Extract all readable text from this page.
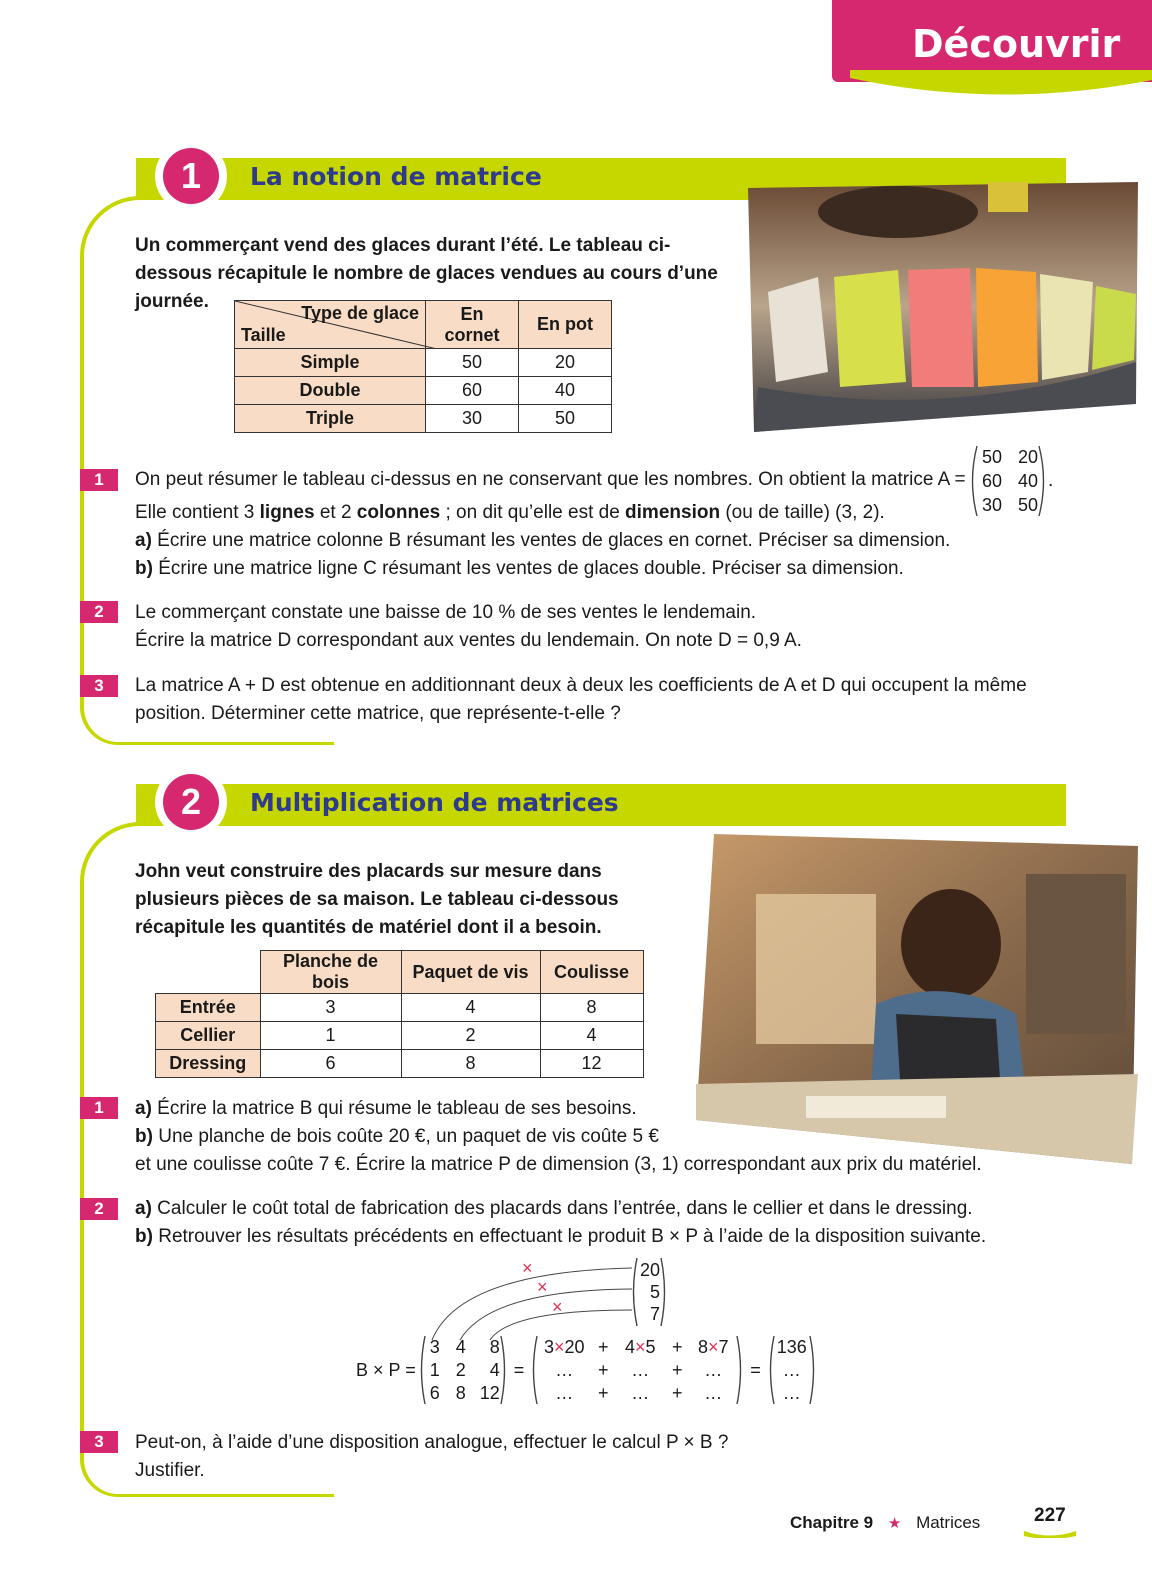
Découvrir
1	La notion de matrice
Un commerçant vend des glaces durant l’été. Le tableau ci-dessous récapitule le nombre de glaces vendues au cours d’une journée.
Type de glace
Taille	En cornet	En pot
Simple	50	20
Double	60	40
Triple	30	50
1	On peut résumer le tableau ci-dessus en ne conservant que les nombres. On obtient la matrice A =
50 20
60 40
30 50
.
Elle contient 3 lignes et 2 colonnes ; on dit qu’elle est de dimension (ou de taille) (3, 2).
a) Écrire une matrice colonne B résumant les ventes de glaces en cornet. Préciser sa dimension.
b) Écrire une matrice ligne C résumant les ventes de glaces double. Préciser sa dimension.
2	Le commerçant constate une baisse de 10 % de ses ventes le lendemain.
Écrire la matrice D correspondant aux ventes du lendemain. On note D = 0,9 A.
3	La matrice A + D est obtenue en additionnant deux à deux les coefficients de A et D qui occupent la même position. Déterminer cette matrice, que représente-t-elle ?
2	Multiplication de matrices
John veut construire des placards sur mesure dans plusieurs pièces de sa maison. Le tableau ci-dessous récapitule les quantités de matériel dont il a besoin.
	Planche de bois	Paquet de vis	Coulisse
Entrée	3	4	8
Cellier	1	2	4
Dressing	6	8	12
1	a) Écrire la matrice B qui résume le tableau de ses besoins.
b) Une planche de bois coûte 20 €, un paquet de vis coûte 5 €
et une coulisse coûte 7 €. Écrire la matrice P de dimension (3, 1) correspondant aux prix du matériel.
2	a) Calculer le coût total de fabrication des placards dans l’entrée, dans le cellier et dans le dressing.
b) Retrouver les résultats précédents en effectuant le produit B × P à l’aide de la disposition suivante.
×
×
×
20
5
7
B × P =
3 4	8
1 2	4
6 8 12
=
3×20 + 4×5 + 8×7
…	+	…	+	…
…	+	…	+	…
=
136
…
…
3	Peut-on, à l’aide d’une disposition analogue, effectuer le calcul P × B ?
Justifier.
Chapitre 9 ★ Matrices	227
